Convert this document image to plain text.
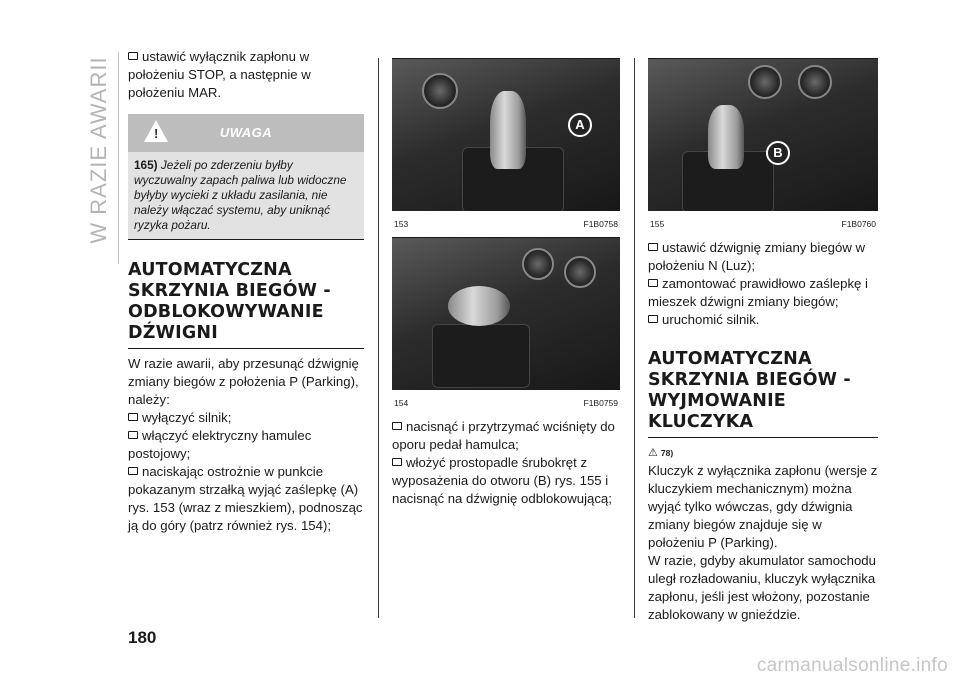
W RAZIE AWARII	ustawić wyłącznik zapłonu w położeniu STOP, a następnie w położeniu MAR.
!	UWAGA
165) Jeżeli po zderzeniu byłby wyczuwalny zapach paliwa lub widoczne byłyby wycieki z układu zasilania, nie należy włączać systemu, aby uniknąć ryzyka pożaru.
AUTOMATYCZNA SKRZYNIA BIEGÓW - ODBLOKOWYWANIE DŹWIGNI
W razie awarii, aby przesunąć dźwignię zmiany biegów z położenia P (Parking), należy:
wyłączyć silnik;
włączyć elektryczny hamulec postojowy;
naciskając ostrożnie w punkcie pokazanym strzałką wyjąć zaślepkę (A) rys. 153 (wraz z mieszkiem), podnosząc ją do góry (patrz również rys. 154);
A
153	F1B0758
154	F1B0759
nacisnąć i przytrzymać wciśnięty do oporu pedał hamulca;
włożyć prostopadle śrubokręt z wyposażenia do otworu (B) rys. 155 i nacisnąć na dźwignię odblokowującą;
B
155	F1B0760
ustawić dźwignię zmiany biegów w położeniu N (Luz);
zamontować prawidłowo zaślepkę i mieszek dźwigni zmiany biegów;
uruchomić silnik.
AUTOMATYCZNA SKRZYNIA BIEGÓW - WYJMOWANIE KLUCZYKA
⚠ 78)
Kluczyk z wyłącznika zapłonu (wersje z kluczykiem mechanicznym) można wyjąć tylko wówczas, gdy dźwignia zmiany biegów znajduje się w położeniu P (Parking).
W razie, gdyby akumulator samochodu uległ rozładowaniu, kluczyk wyłącznika zapłonu, jeśli jest włożony, pozostanie zablokowany w gnieździe.
180
carmanualsonline.info
